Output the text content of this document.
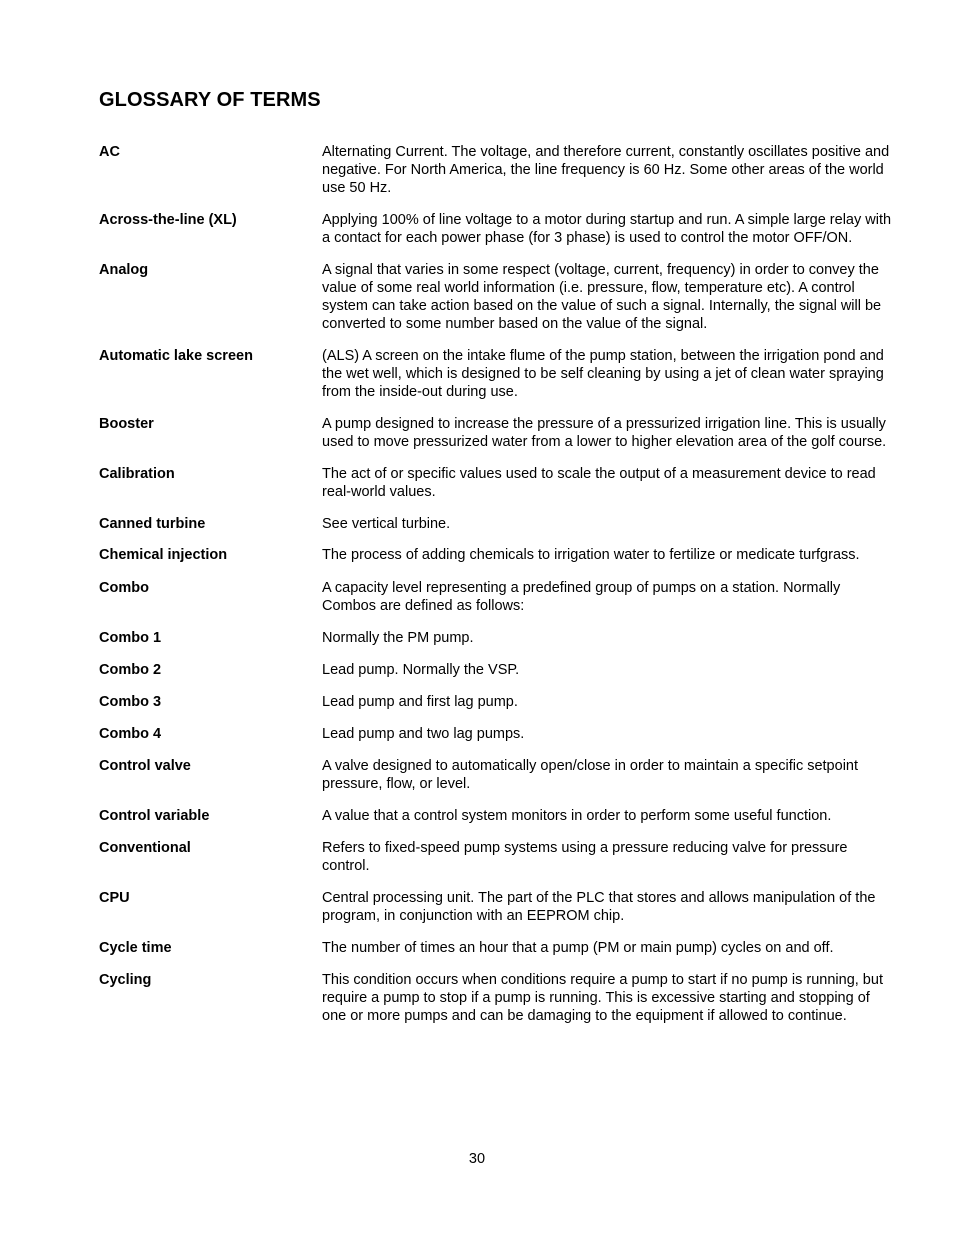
GLOSSARY OF TERMS
AC	Alternating Current. The voltage, and therefore current, constantly oscillates positive and negative. For North America, the line frequency is 60 Hz. Some other areas of the world use 50 Hz.
Across-the-line (XL)	Applying 100% of line voltage to a motor during startup and run. A simple large relay with a contact for each power phase (for 3 phase) is used to control the motor OFF/ON.
Analog	A signal that varies in some respect (voltage, current, frequency) in order to convey the value of some real world information (i.e. pressure, flow, temperature etc). A control system can take action based on the value of such a signal. Internally, the signal will be converted to some number based on the value of the signal.
Automatic lake screen	(ALS) A screen on the intake flume of the pump station, between the irrigation pond and the wet well, which is designed to be self cleaning by using a jet of clean water spraying from the inside-out during use.
Booster	A pump designed to increase the pressure of a pressurized irrigation line. This is usually used to move pressurized water from a lower to higher elevation area of the golf course.
Calibration	The act of or specific values used to scale the output of a measurement device to read real-world values.
Canned turbine	See vertical turbine.
Chemical injection	The process of adding chemicals to irrigation water to fertilize or medicate turfgrass.
Combo	A capacity level representing a predefined group of pumps on a station. Normally Combos are defined as follows:
Combo 1	Normally the PM pump.
Combo 2	Lead pump. Normally the VSP.
Combo 3	Lead pump and first lag pump.
Combo 4	Lead pump and two lag pumps.
Control valve	A valve designed to automatically open/close in order to maintain a specific setpoint pressure, flow, or level.
Control variable	A value that a control system monitors in order to perform some useful function.
Conventional	Refers to fixed-speed pump systems using a pressure reducing valve for pressure control.
CPU	Central processing unit. The part of the PLC that stores and allows manipulation of the program, in conjunction with an EEPROM chip.
Cycle time	The number of times an hour that a pump (PM or main pump) cycles on and off.
Cycling	This condition occurs when conditions require a pump to start if no pump is running, but require a pump to stop if a pump is running. This is excessive starting and stopping of one or more pumps and can be damaging to the equipment if allowed to continue.
30
